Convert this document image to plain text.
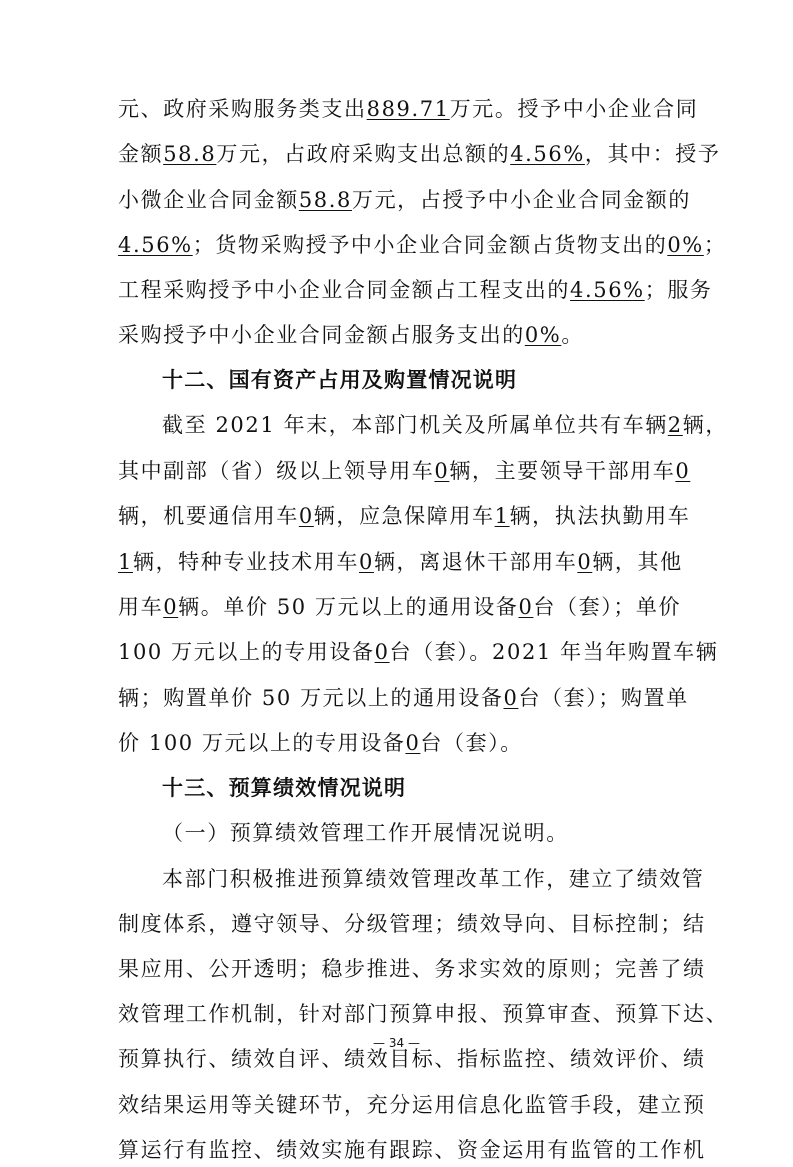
元、政府采购服务类支出889.71万元。授予中小企业合同
金额58.8万元，占政府采购支出总额的4.56%，其中：授予
小微企业合同金额58.8万元，占授予中小企业合同金额的
4.56%；货物采购授予中小企业合同金额占货物支出的0%；
工程采购授予中小企业合同金额占工程支出的4.56%；服务
采购授予中小企业合同金额占服务支出的0%。
十二、国有资产占用及购置情况说明
截至 2021 年末，本部门机关及所属单位共有车辆2辆，
其中副部（省）级以上领导用车0辆，主要领导干部用车0
辆，机要通信用车0辆，应急保障用车1辆，执法执勤用车
1辆，特种专业技术用车0辆，离退休干部用车0辆，其他
用车0辆。单价 50 万元以上的通用设备0台（套）；单价
100 万元以上的专用设备0台（套）。2021 年当年购置车辆
辆；购置单价 50 万元以上的通用设备0台（套）；购置单
价 100 万元以上的专用设备0台（套）。
十三、预算绩效情况说明
（一）预算绩效管理工作开展情况说明。
本部门积极推进预算绩效管理改革工作，建立了绩效管
制度体系，遵守领导、分级管理；绩效导向、目标控制；结
果应用、公开透明；稳步推进、务求实效的原则；完善了绩
效管理工作机制，针对部门预算申报、预算审查、预算下达、
预算执行、绩效自评、绩效目标、指标监控、绩效评价、绩
效结果运用等关键环节，充分运用信息化监管手段，建立预
算运行有监控、绩效实施有跟踪、资金运用有监管的工作机
— 34 —
